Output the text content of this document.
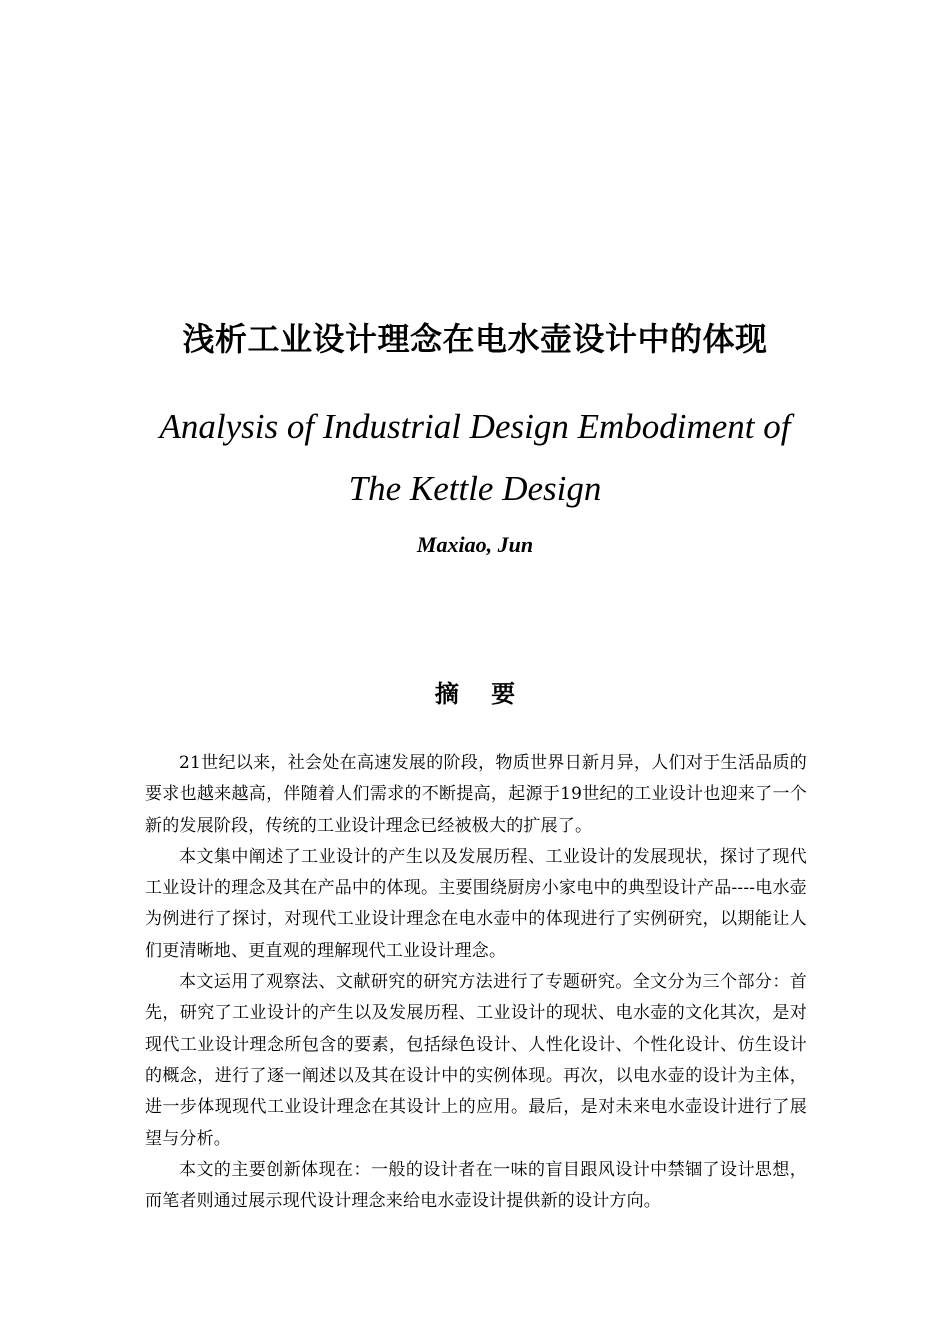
浅析工业设计理念在电水壶设计中的体现
Analysis of Industrial Design Embodiment of
The Kettle Design
Maxiao, Jun
摘 要

21世纪以来，社会处在高速发展的阶段，物质世界日新月异，人们对于生活品质的要求也越来越高，伴随着人们需求的不断提高，起源于19世纪的工业设计也迎来了一个新的发展阶段，传统的工业设计理念已经被极大的扩展了。

本文集中阐述了工业设计的产生以及发展历程、工业设计的发展现状，探讨了现代工业设计的理念及其在产品中的体现。主要围绕厨房小家电中的典型设计产品----电水壶为例进行了探讨，对现代工业设计理念在电水壶中的体现进行了实例研究，以期能让人们更清晰地、更直观的理解现代工业设计理念。

本文运用了观察法、文献研究的研究方法进行了专题研究。全文分为三个部分：首先，研究了工业设计的产生以及发展历程、工业设计的现状、电水壶的文化其次，是对现代工业设计理念所包含的要素，包括绿色设计、人性化设计、个性化设计、仿生设计的概念，进行了逐一阐述以及其在设计中的实例体现。再次，以电水壶的设计为主体，进一步体现现代工业设计理念在其设计上的应用。最后，是对未来电水壶设计进行了展望与分析。

本文的主要创新体现在：一般的设计者在一味的盲目跟风设计中禁锢了设计思想，而笔者则通过展示现代设计理念来给电水壶设计提供新的设计方向。
